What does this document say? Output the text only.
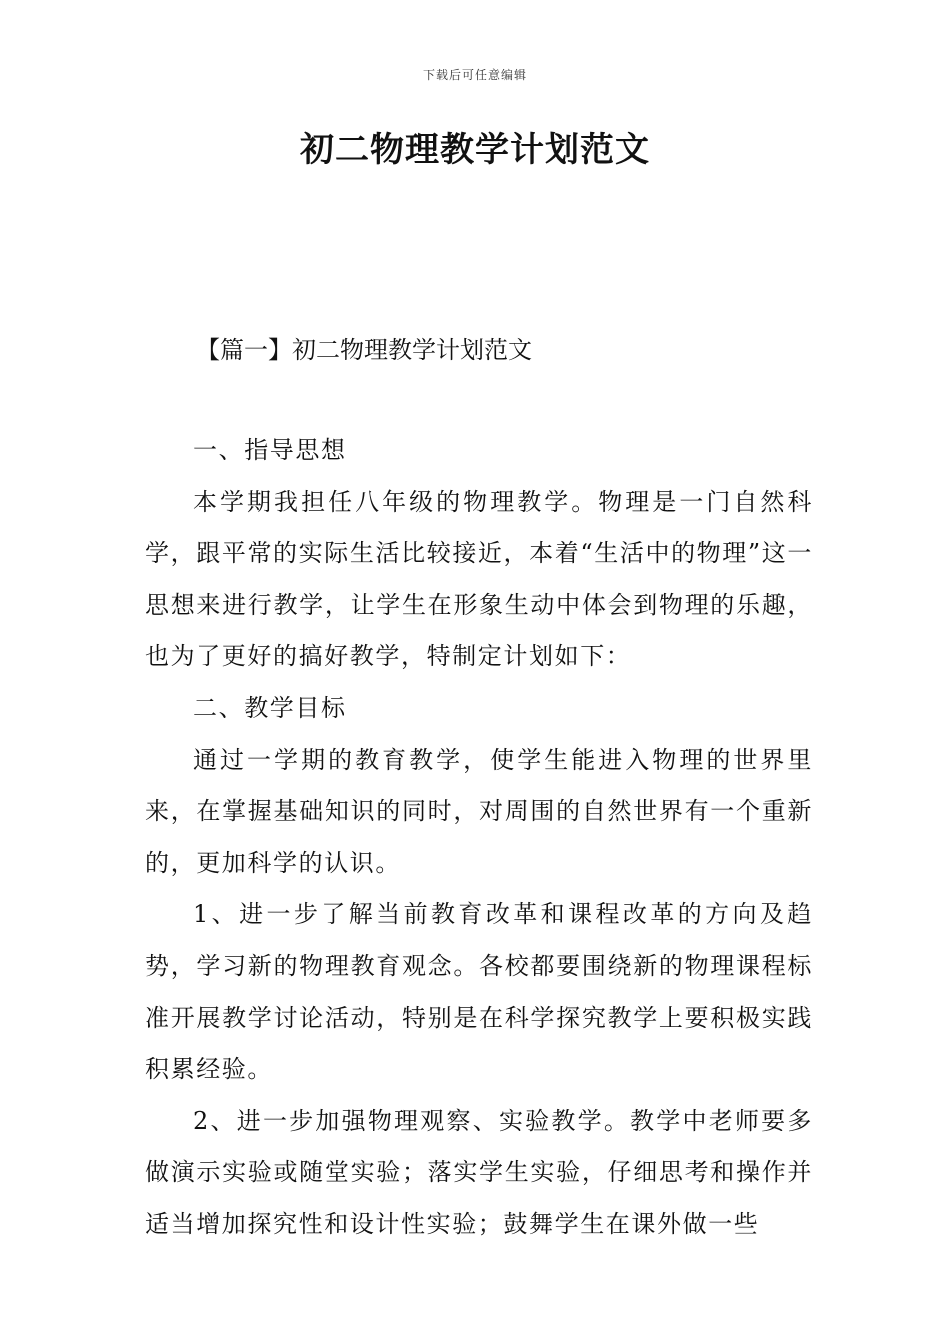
下载后可任意编辑
初二物理教学计划范文
【篇一】初二物理教学计划范文

一、指导思想

本学期我担任八年级的物理教学。物理是一门自然科学，跟平常的实际生活比较接近，本着“生活中的物理”这一思想来进行教学，让学生在形象生动中体会到物理的乐趣，也为了更好的搞好教学，特制定计划如下：

二、教学目标

通过一学期的教育教学，使学生能进入物理的世界里来，在掌握基础知识的同时，对周围的自然世界有一个重新的，更加科学的认识。

1、进一步了解当前教育改革和课程改革的方向及趋势，学习新的物理教育观念。各校都要围绕新的物理课程标准开展教学讨论活动，特别是在科学探究教学上要积极实践积累经验。

2、进一步加强物理观察、实验教学。教学中老师要多做演示实验或随堂实验；落实学生实验，仔细思考和操作并适当增加探究性和设计性实验；鼓舞学生在课外做一些
